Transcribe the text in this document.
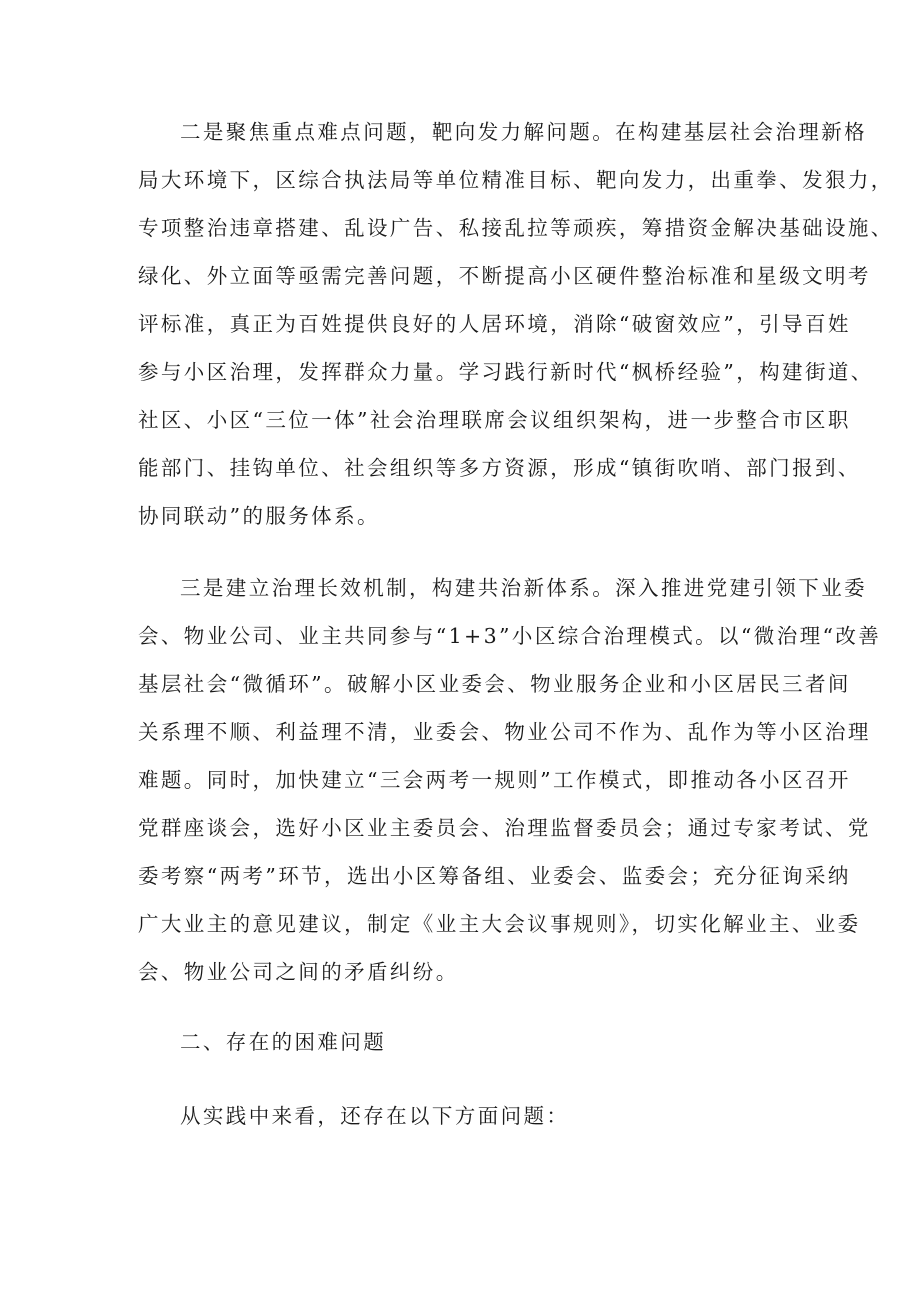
二是聚焦重点难点问题，靶向发力解问题。在构建基层社会治理新格
局大环境下，区综合执法局等单位精准目标、靶向发力，出重拳、发狠力，
专项整治违章搭建、乱设广告、私接乱拉等顽疾，筹措资金解决基础设施、
绿化、外立面等亟需完善问题，不断提高小区硬件整治标准和星级文明考
评标准，真正为百姓提供良好的人居环境，消除“破窗效应”，引导百姓
参与小区治理，发挥群众力量。学习践行新时代“枫桥经验”，构建街道、
社区、小区“三位一体”社会治理联席会议组织架构，进一步整合市区职
能部门、挂钩单位、社会组织等多方资源，形成“镇街吹哨、部门报到、
协同联动”的服务体系。
三是建立治理长效机制，构建共治新体系。深入推进党建引领下业委
会、物业公司、业主共同参与“1+3”小区综合治理模式。以“微治理“改善
基层社会“微循环”。破解小区业委会、物业服务企业和小区居民三者间
关系理不顺、利益理不清，业委会、物业公司不作为、乱作为等小区治理
难题。同时，加快建立“三会两考一规则”工作模式，即推动各小区召开
党群座谈会，选好小区业主委员会、治理监督委员会；通过专家考试、党
委考察“两考”环节，选出小区筹备组、业委会、监委会；充分征询采纳
广大业主的意见建议，制定《业主大会议事规则》，切实化解业主、业委
会、物业公司之间的矛盾纠纷。
二、存在的困难问题
从实践中来看，还存在以下方面问题：
